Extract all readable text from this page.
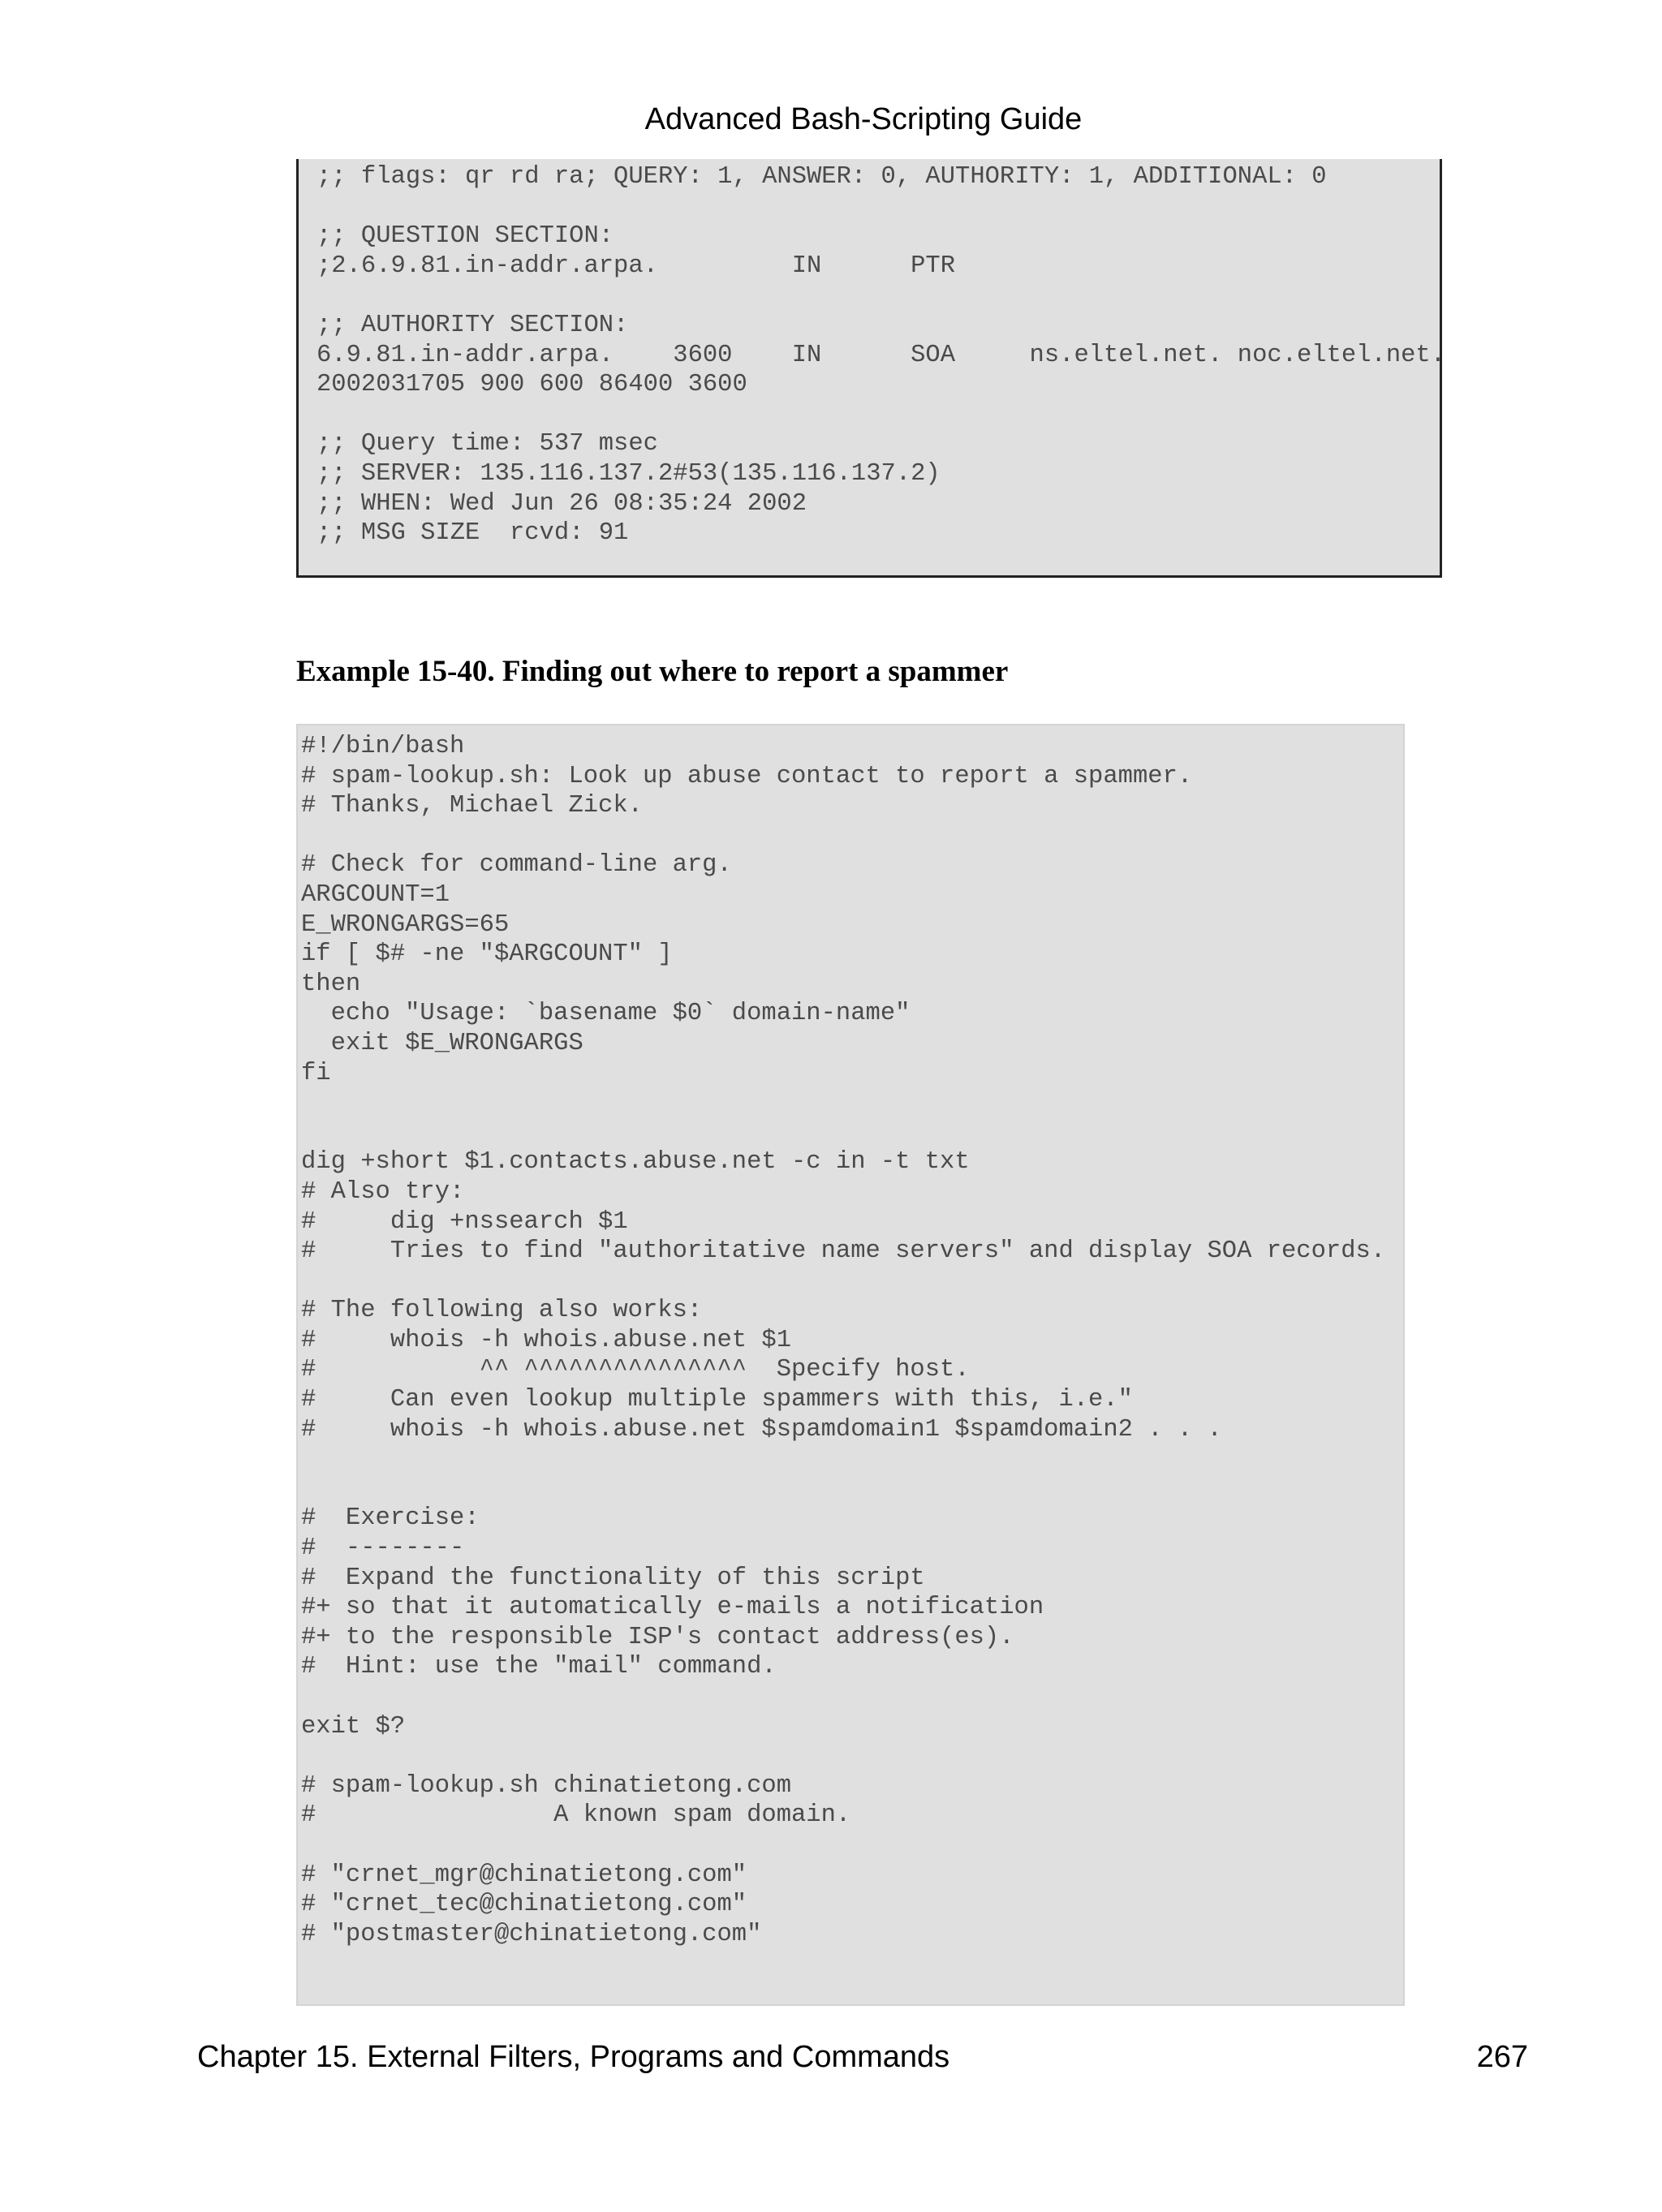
Advanced Bash-Scripting Guide
;; flags: qr rd ra; QUERY: 1, ANSWER: 0, AUTHORITY: 1, ADDITIONAL: 0

;; QUESTION SECTION:
;2.6.9.81.in-addr.arpa.         IN      PTR

;; AUTHORITY SECTION:
6.9.81.in-addr.arpa.    3600    IN      SOA     ns.eltel.net. noc.eltel.net.
2002031705 900 600 86400 3600

;; Query time: 537 msec
;; SERVER: 135.116.137.2#53(135.116.137.2)
;; WHEN: Wed Jun 26 08:35:24 2002
;; MSG SIZE  rcvd: 91
Example 15-40. Finding out where to report a spammer
#!/bin/bash
# spam-lookup.sh: Look up abuse contact to report a spammer.
# Thanks, Michael Zick.

# Check for command-line arg.
ARGCOUNT=1
E_WRONGARGS=65
if [ $# -ne "$ARGCOUNT" ]
then
echo "Usage: `basename $0` domain-name"
exit $E_WRONGARGS
fi

dig +short $1.contacts.abuse.net -c in -t txt
# Also try:
#     dig +nssearch $1
#     Tries to find "authoritative name servers" and display SOA records.

# The following also works:
#     whois -h whois.abuse.net $1
#           ^^ ^^^^^^^^^^^^^^^  Specify host.
#     Can even lookup multiple spammers with this, i.e."
#     whois -h whois.abuse.net $spamdomain1 $spamdomain2 . . .

#  Exercise:
#  --------
#  Expand the functionality of this script
#+ so that it automatically e-mails a notification
#+ to the responsible ISP's contact address(es).
#  Hint: use the "mail" command.

exit $?

# spam-lookup.sh chinatietong.com
#                A known spam domain.

# "crnet_mgr@chinatietong.com"
# "crnet_tec@chinatietong.com"
# "postmaster@chinatietong.com"
Chapter 15. External Filters, Programs and Commands	267
